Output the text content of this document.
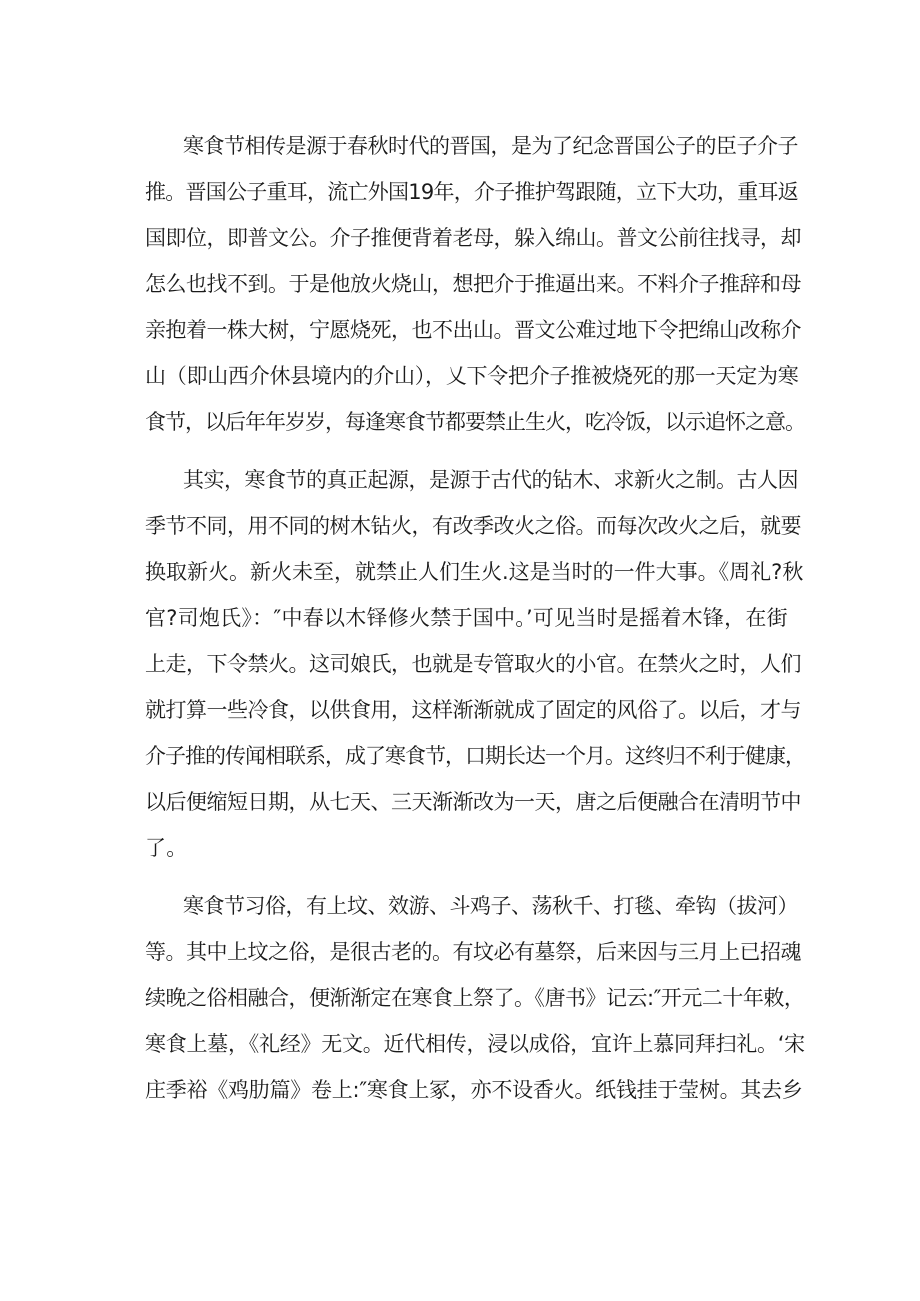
寒食节相传是源于春秋时代的晋国，是为了纪念晋国公子的臣子介子
推。晋国公子重耳，流亡外国19年，介子推护驾跟随，立下大功，重耳返
国即位，即普文公。介子推便背着老母，躲入绵山。普文公前往找寻，却
怎么也找不到。于是他放火烧山，想把介于推逼出来。不料介子推辞和母
亲抱着一株大树，宁愿烧死，也不出山。晋文公难过地下令把绵山改称介
山（即山西介休县境内的介山），乂下令把介子推被烧死的那一天定为寒
食节，以后年年岁岁，每逢寒食节都要禁止生火，吃冷饭，以示追怀之意。
其实，寒食节的真正起源，是源于古代的钻木、求新火之制。古人因
季节不同，用不同的树木钻火，有改季改火之俗。而每次改火之后，就要
换取新火。新火未至，就禁止人们生火.这是当时的一件大事。《周礼?秋
官?司炮氏》：″中春以木铎修火禁于国中。’可见当时是摇着木锋，在街
上走，下令禁火。这司娘氏，也就是专管取火的小官。在禁火之时，人们
就打算一些冷食，以供食用，这样渐渐就成了固定的风俗了。以后，才与
介子推的传闻相联系，成了寒食节，口期长达一个月。这终归不利于健康，
以后便缩短日期，从七天、三天渐渐改为一天，唐之后便融合在清明节中
了。
寒食节习俗，有上坟、效游、斗鸡子、荡秋千、打毯、牵钩（拔河）
等。其中上坟之俗，是很古老的。有坟必有墓祭，后来因与三月上已招魂
续晚之俗相融合，便渐渐定在寒食上祭了。《唐书》记云:″开元二十年敕，
寒食上墓，《礼经》无文。近代相传，浸以成俗，宜许上慕同拜扫礼。‘宋
庄季裕《鸡肋篇》卷上:″寒食上冢，亦不设香火。纸钱挂于莹树。其去乡
